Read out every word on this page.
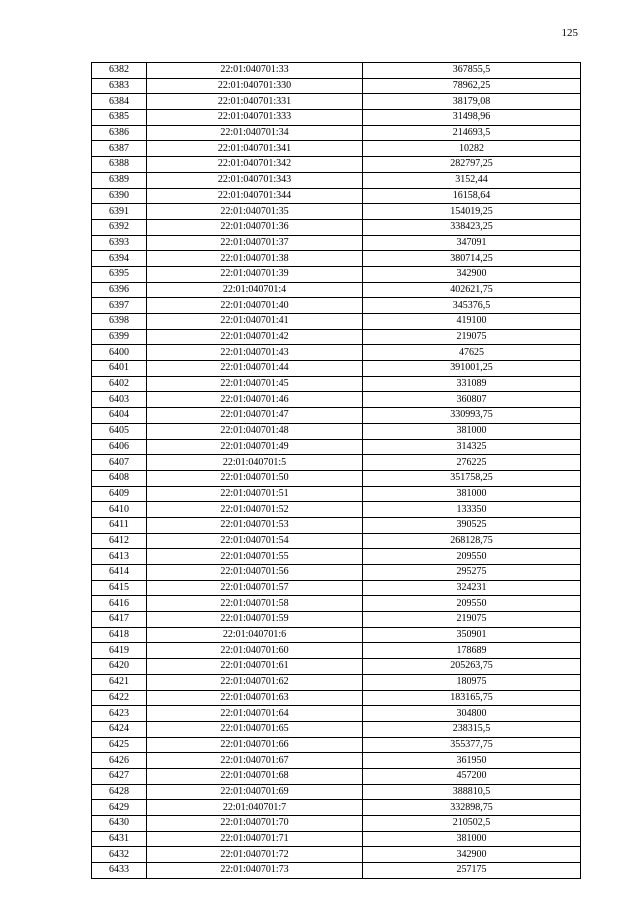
125
6382	22:01:040701:33	367855,5
6383	22:01:040701:330	78962,25
6384	22:01:040701:331	38179,08
6385	22:01:040701:333	31498,96
6386	22:01:040701:34	214693,5
6387	22:01:040701:341	10282
6388	22:01:040701:342	282797,25
6389	22:01:040701:343	3152,44
6390	22:01:040701:344	16158,64
6391	22:01:040701:35	154019,25
6392	22:01:040701:36	338423,25
6393	22:01:040701:37	347091
6394	22:01:040701:38	380714,25
6395	22:01:040701:39	342900
6396	22:01:040701:4	402621,75
6397	22:01:040701:40	345376,5
6398	22:01:040701:41	419100
6399	22:01:040701:42	219075
6400	22:01:040701:43	47625
6401	22:01:040701:44	391001,25
6402	22:01:040701:45	331089
6403	22:01:040701:46	360807
6404	22:01:040701:47	330993,75
6405	22:01:040701:48	381000
6406	22:01:040701:49	314325
6407	22:01:040701:5	276225
6408	22:01:040701:50	351758,25
6409	22:01:040701:51	381000
6410	22:01:040701:52	133350
6411	22:01:040701:53	390525
6412	22:01:040701:54	268128,75
6413	22:01:040701:55	209550
6414	22:01:040701:56	295275
6415	22:01:040701:57	324231
6416	22:01:040701:58	209550
6417	22:01:040701:59	219075
6418	22:01:040701:6	350901
6419	22:01:040701:60	178689
6420	22:01:040701:61	205263,75
6421	22:01:040701:62	180975
6422	22:01:040701:63	183165,75
6423	22:01:040701:64	304800
6424	22:01:040701:65	238315,5
6425	22:01:040701:66	355377,75
6426	22:01:040701:67	361950
6427	22:01:040701:68	457200
6428	22:01:040701:69	388810,5
6429	22:01:040701:7	332898,75
6430	22:01:040701:70	210502,5
6431	22:01:040701:71	381000
6432	22:01:040701:72	342900
6433	22:01:040701:73	257175
